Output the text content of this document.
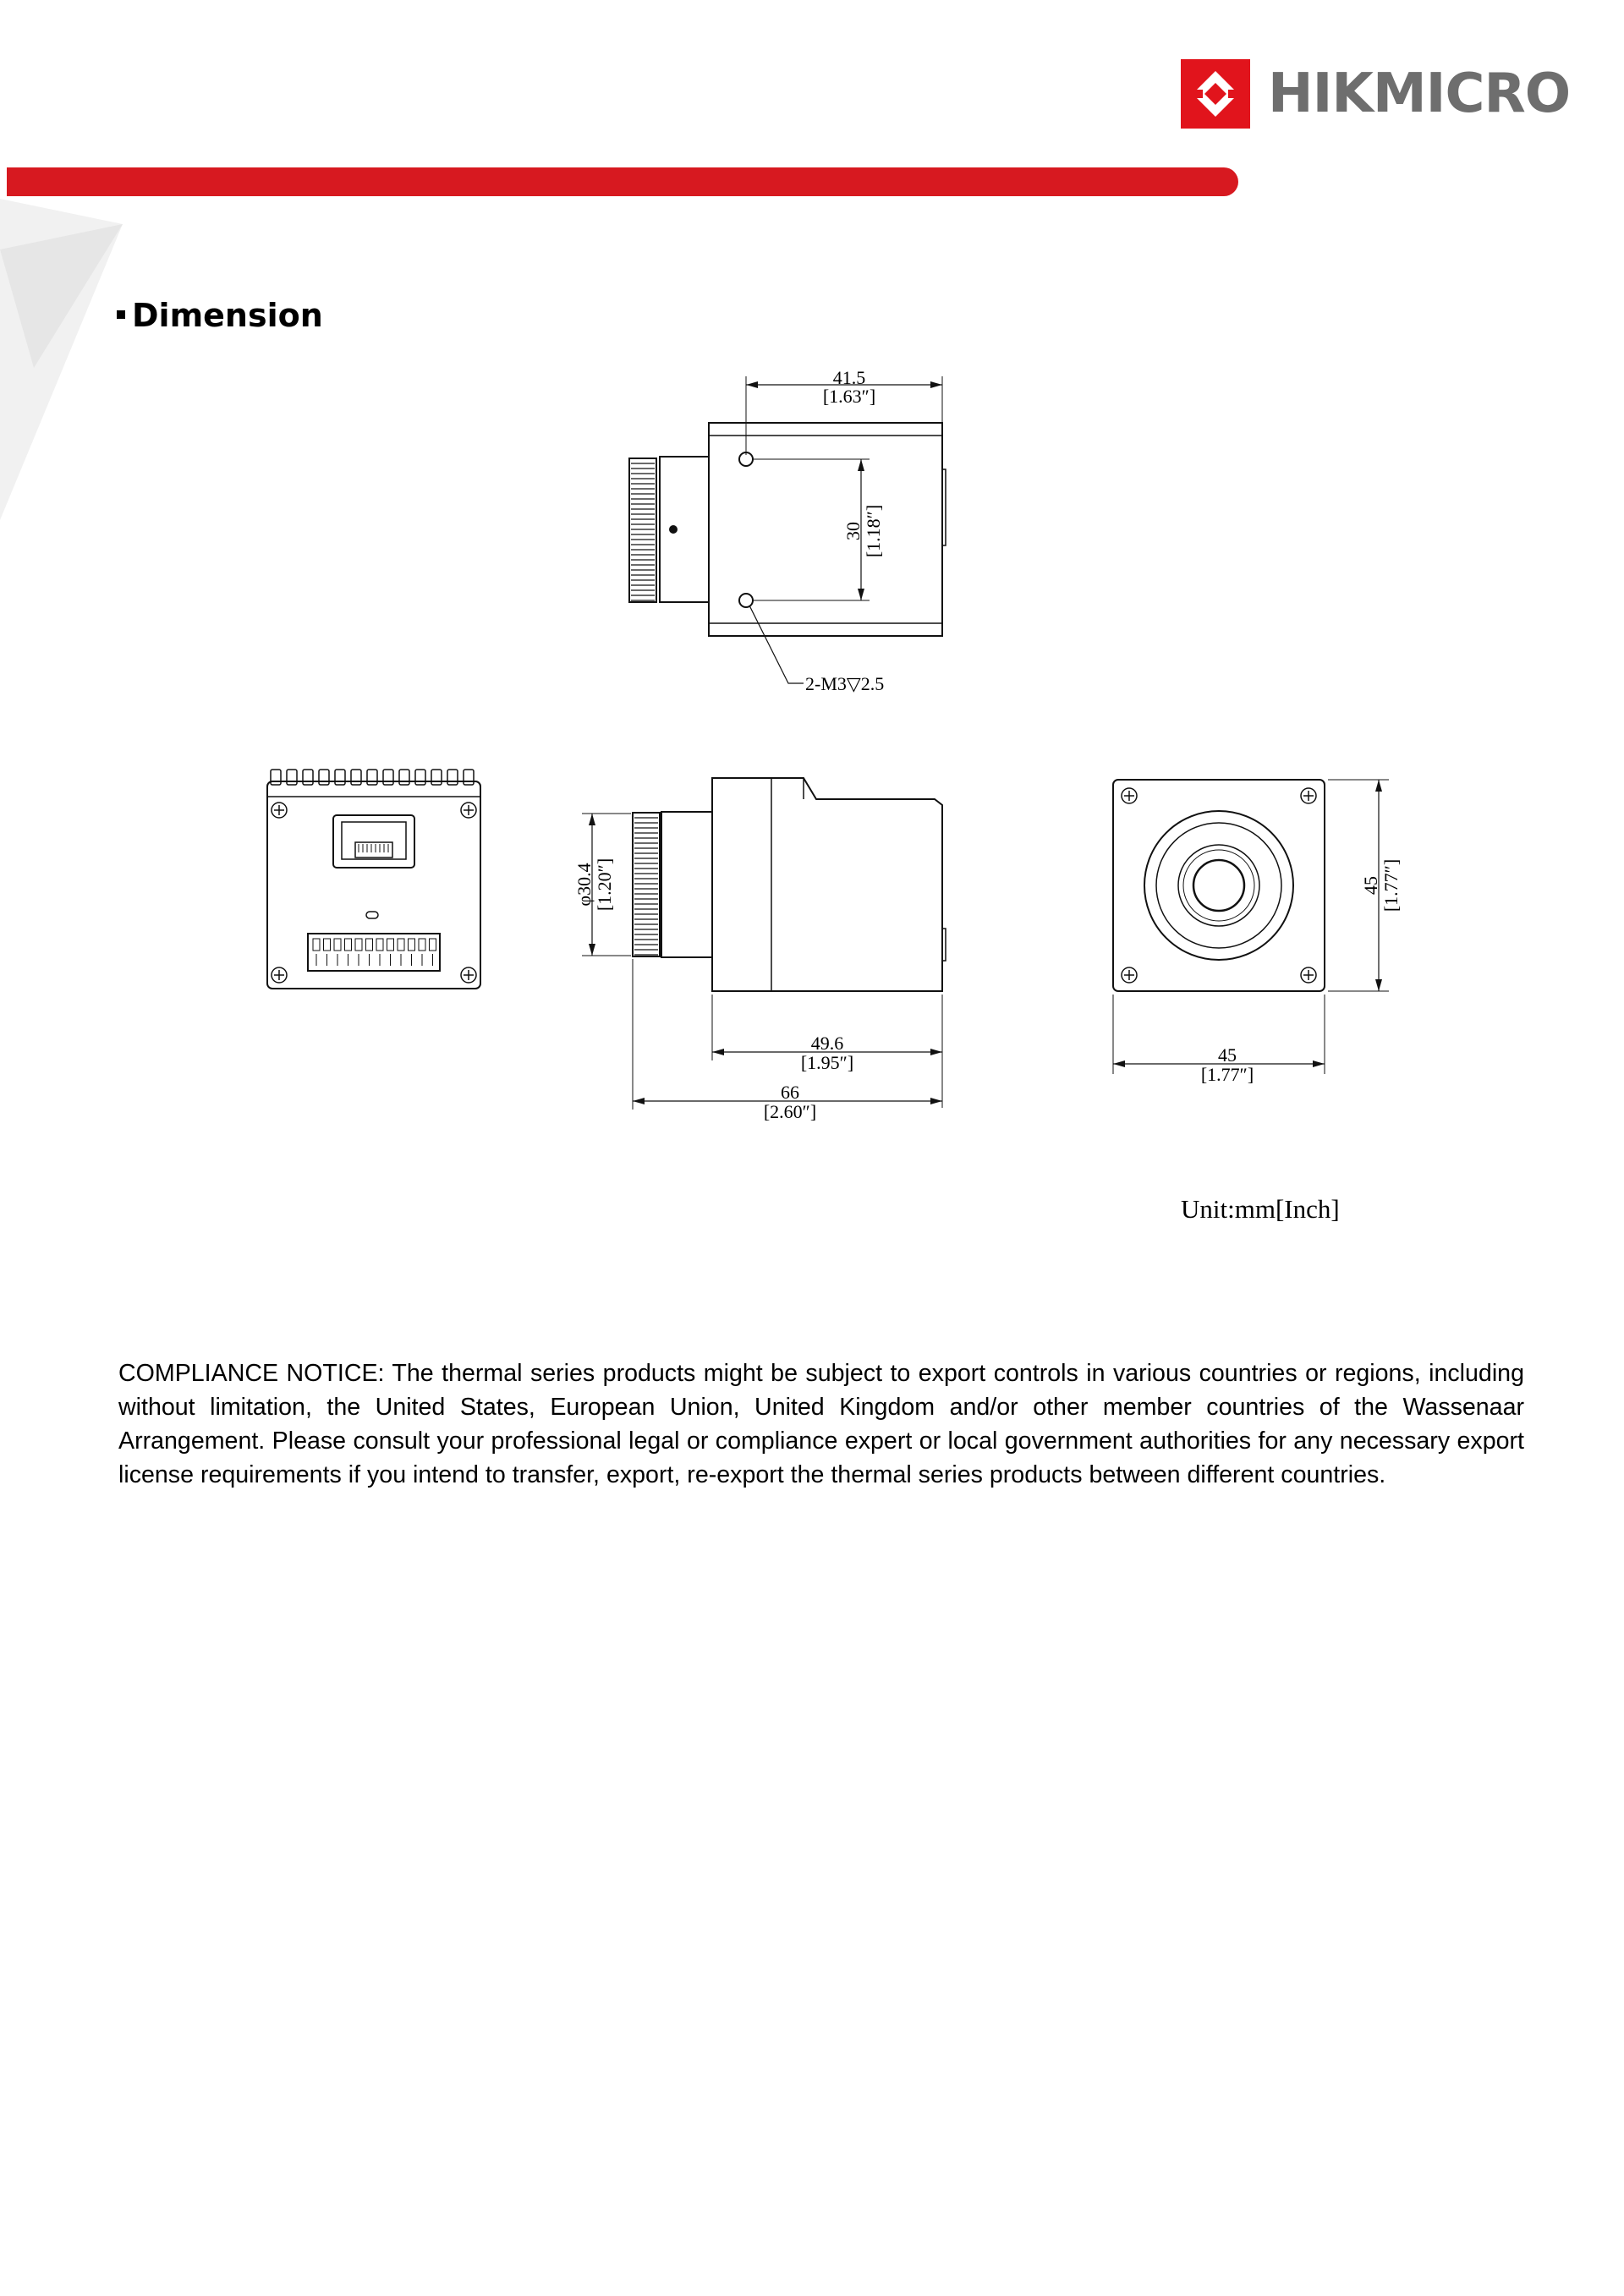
HIKMICRO
Dimension
41.5
[1.63″]
30 [1.18″]
2-M3▽2.5
φ30.4 [1.20″]
49.6
[1.95″]
66
[2.60″]
45 [1.77″]
45
[1.77″]
Unit:mm[Inch]

COMPLIANCE NOTICE: The thermal series products might be subject to export controls in various countries or regions, including without limitation, the United States, European Union, United Kingdom and/or other member countries of the Wassenaar Arrangement. Please consult your professional legal or compliance expert or local government authorities for any necessary export license requirements if you intend to transfer, export, re-export the thermal series products between different countries.
